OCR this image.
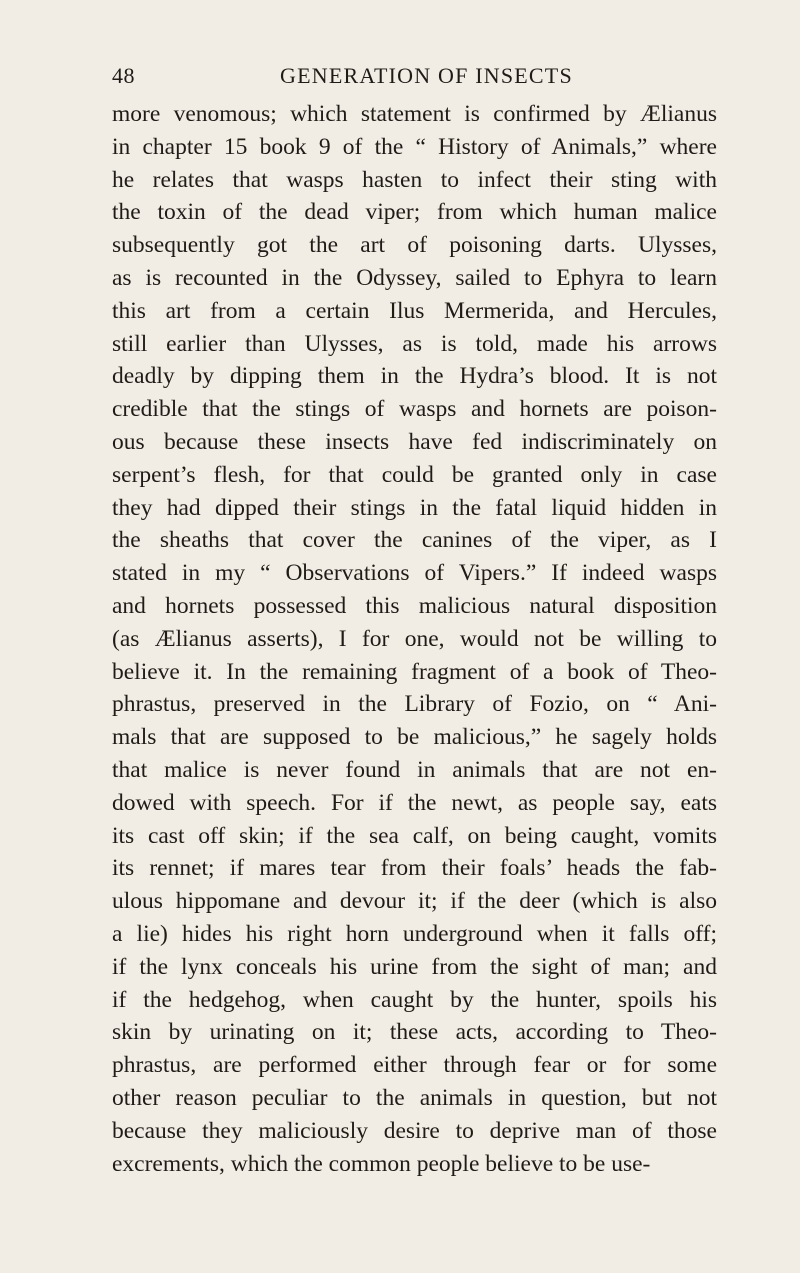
48	GENERATION OF INSECTS
more venomous; which statement is confirmed by Ælianus
in chapter 15 book 9 of the “ History of Animals,” where
he relates that wasps hasten to infect their sting with
the toxin of the dead viper; from which human malice
subsequently got the art of poisoning darts. Ulysses,
as is recounted in the Odyssey, sailed to Ephyra to learn
this art from a certain Ilus Mermerida, and Hercules,
still earlier than Ulysses, as is told, made his arrows
deadly by dipping them in the Hydra’s blood. It is not
credible that the stings of wasps and hornets are poison-
ous because these insects have fed indiscriminately on
serpent’s flesh, for that could be granted only in case
they had dipped their stings in the fatal liquid hidden in
the sheaths that cover the canines of the viper, as I
stated in my “ Observations of Vipers.” If indeed wasps
and hornets possessed this malicious natural disposition
(as Ælianus asserts), I for one, would not be willing to
believe it. In the remaining fragment of a book of Theo-
phrastus, preserved in the Library of Fozio, on “ Ani-
mals that are supposed to be malicious,” he sagely holds
that malice is never found in animals that are not en-
dowed with speech. For if the newt, as people say, eats
its cast off skin; if the sea calf, on being caught, vomits
its rennet; if mares tear from their foals’ heads the fab-
ulous hippomane and devour it; if the deer (which is also
a lie) hides his right horn underground when it falls off;
if the lynx conceals his urine from the sight of man; and
if the hedgehog, when caught by the hunter, spoils his
skin by urinating on it; these acts, according to Theo-
phrastus, are performed either through fear or for some
other reason peculiar to the animals in question, but not
because they maliciously desire to deprive man of those
excrements, which the common people believe to be use-
